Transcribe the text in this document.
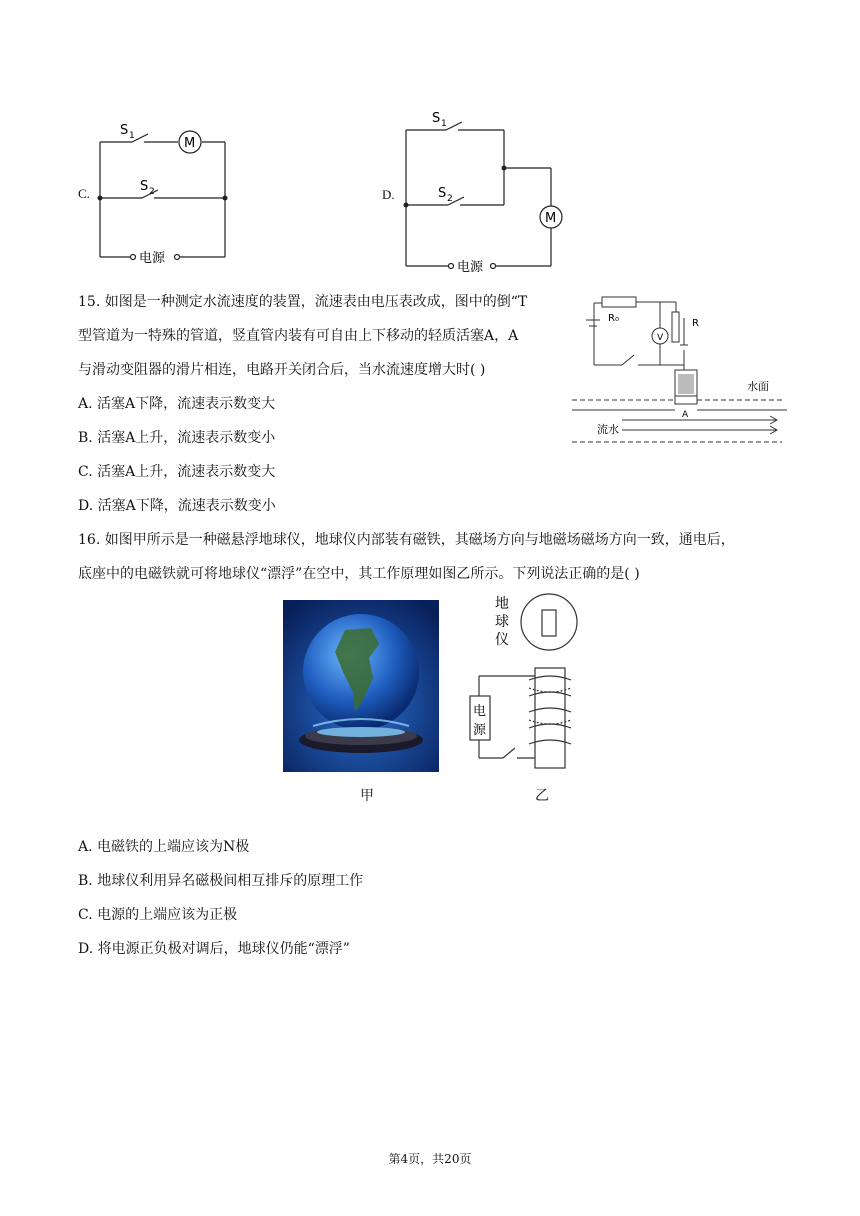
C.
M
S 1
S 2
电源
D.
M
S 1
S 2
电源
15. 如图是一种测定水流速度的装置，流速表由电压表改成，图中的倒“T
型管道为一特殊的管道，竖直管内装有可自由上下移动的轻质活塞A，A
与滑动变阻器的滑片相连，电路开关闭合后，当水流速度增大时( )
A. 活塞A下降，流速表示数变大
B. 活塞A上升，流速表示数变小
C. 活塞A上升，流速表示数变大
D. 活塞A下降，流速表示数变小
R₀
V
R
A
水面
流水
16. 如图甲所示是一种磁悬浮地球仪，地球仪内部装有磁铁，其磁场方向与地磁场磁场方向一致，通电后，
底座中的电磁铁就可将地球仪“漂浮”在空中，其工作原理如图乙所示。下列说法正确的是( )
甲
地
球
仪
电
源
乙
A. 电磁铁的上端应该为N极
B. 地球仪利用异名磁极间相互排斥的原理工作
C. 电源的上端应该为正极
D. 将电源正负极对调后，地球仪仍能“漂浮”
第4页，共20页
